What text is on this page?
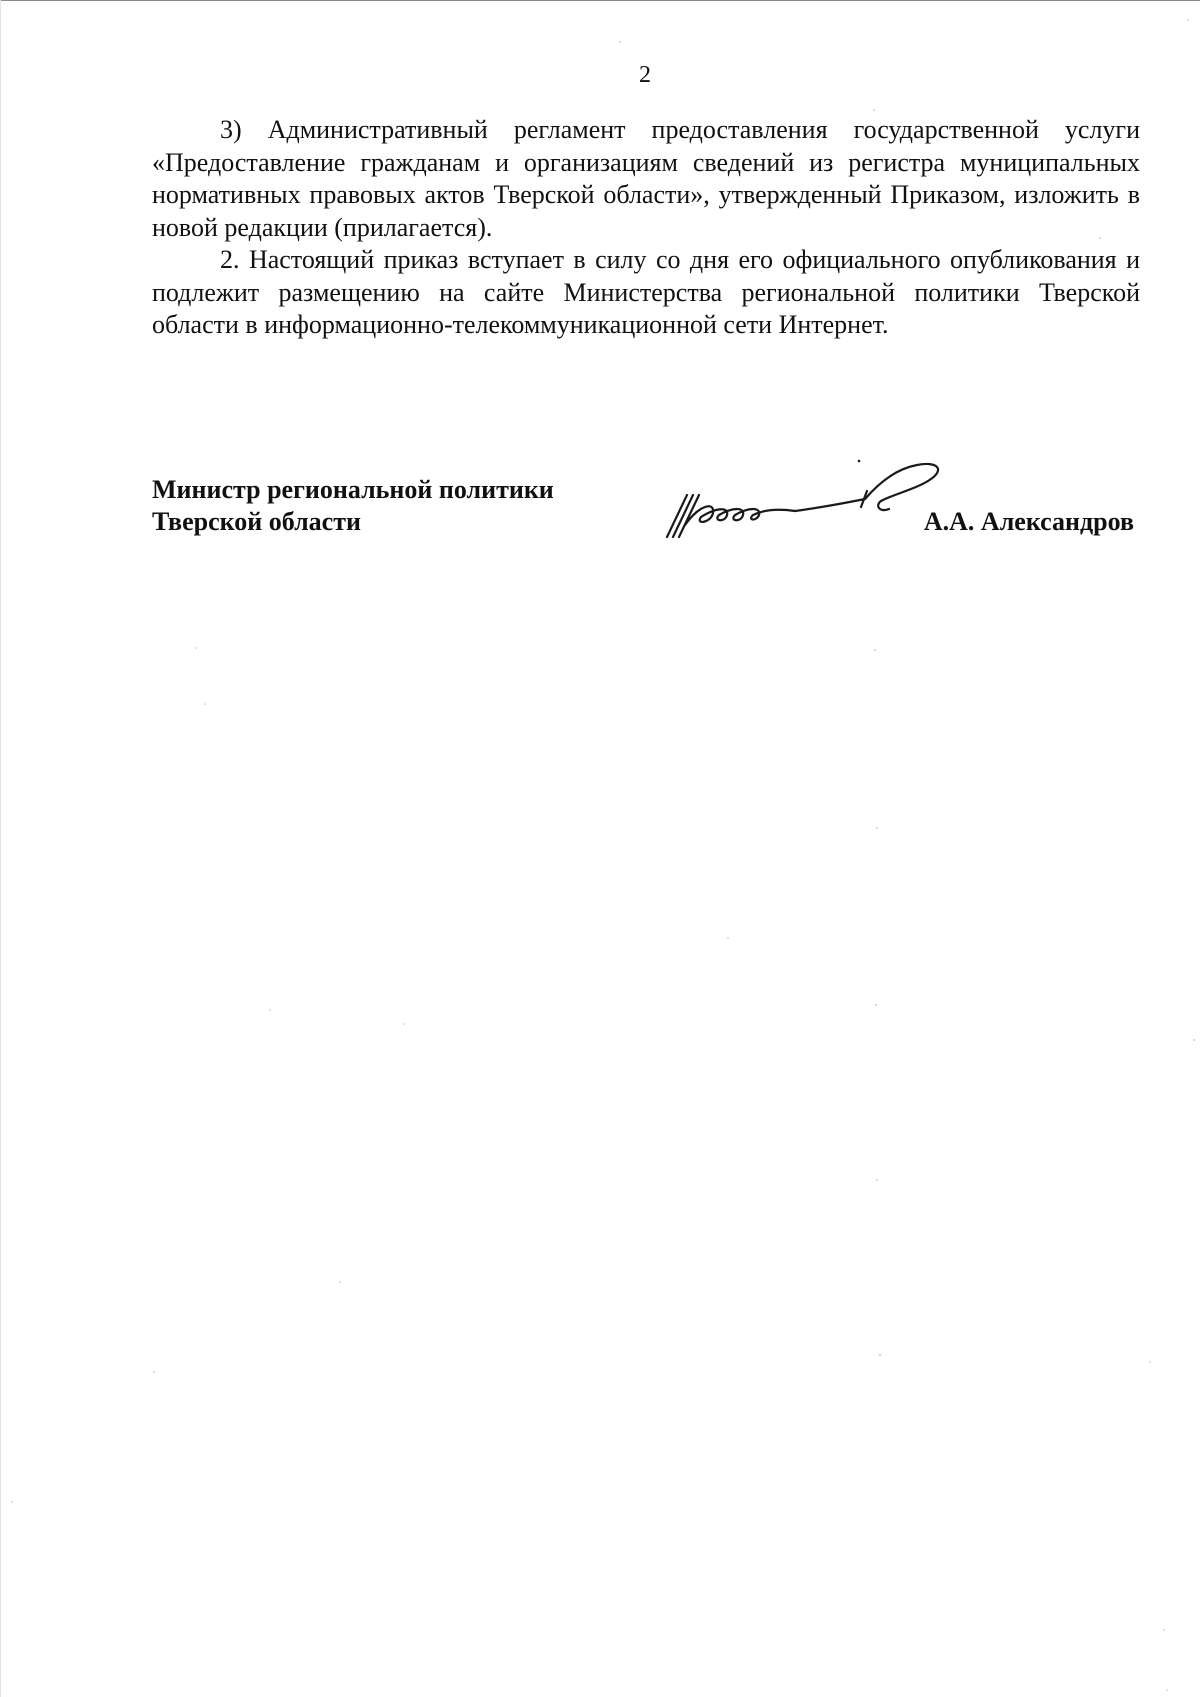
2

3) Административный регламент предоставления государственной услуги «Предоставление гражданам и организациям сведений из регистра муниципальных нормативных правовых актов Тверской области», утвержденный Приказом, изложить в новой редакции (прилагается).

2. Настоящий приказ вступает в силу со дня его официального опубликования и подлежит размещению на сайте Министерства региональной политики Тверской области в информационно-телекоммуникационной сети Интернет.

Министр региональной политики
Тверской области	А.А. Александров
